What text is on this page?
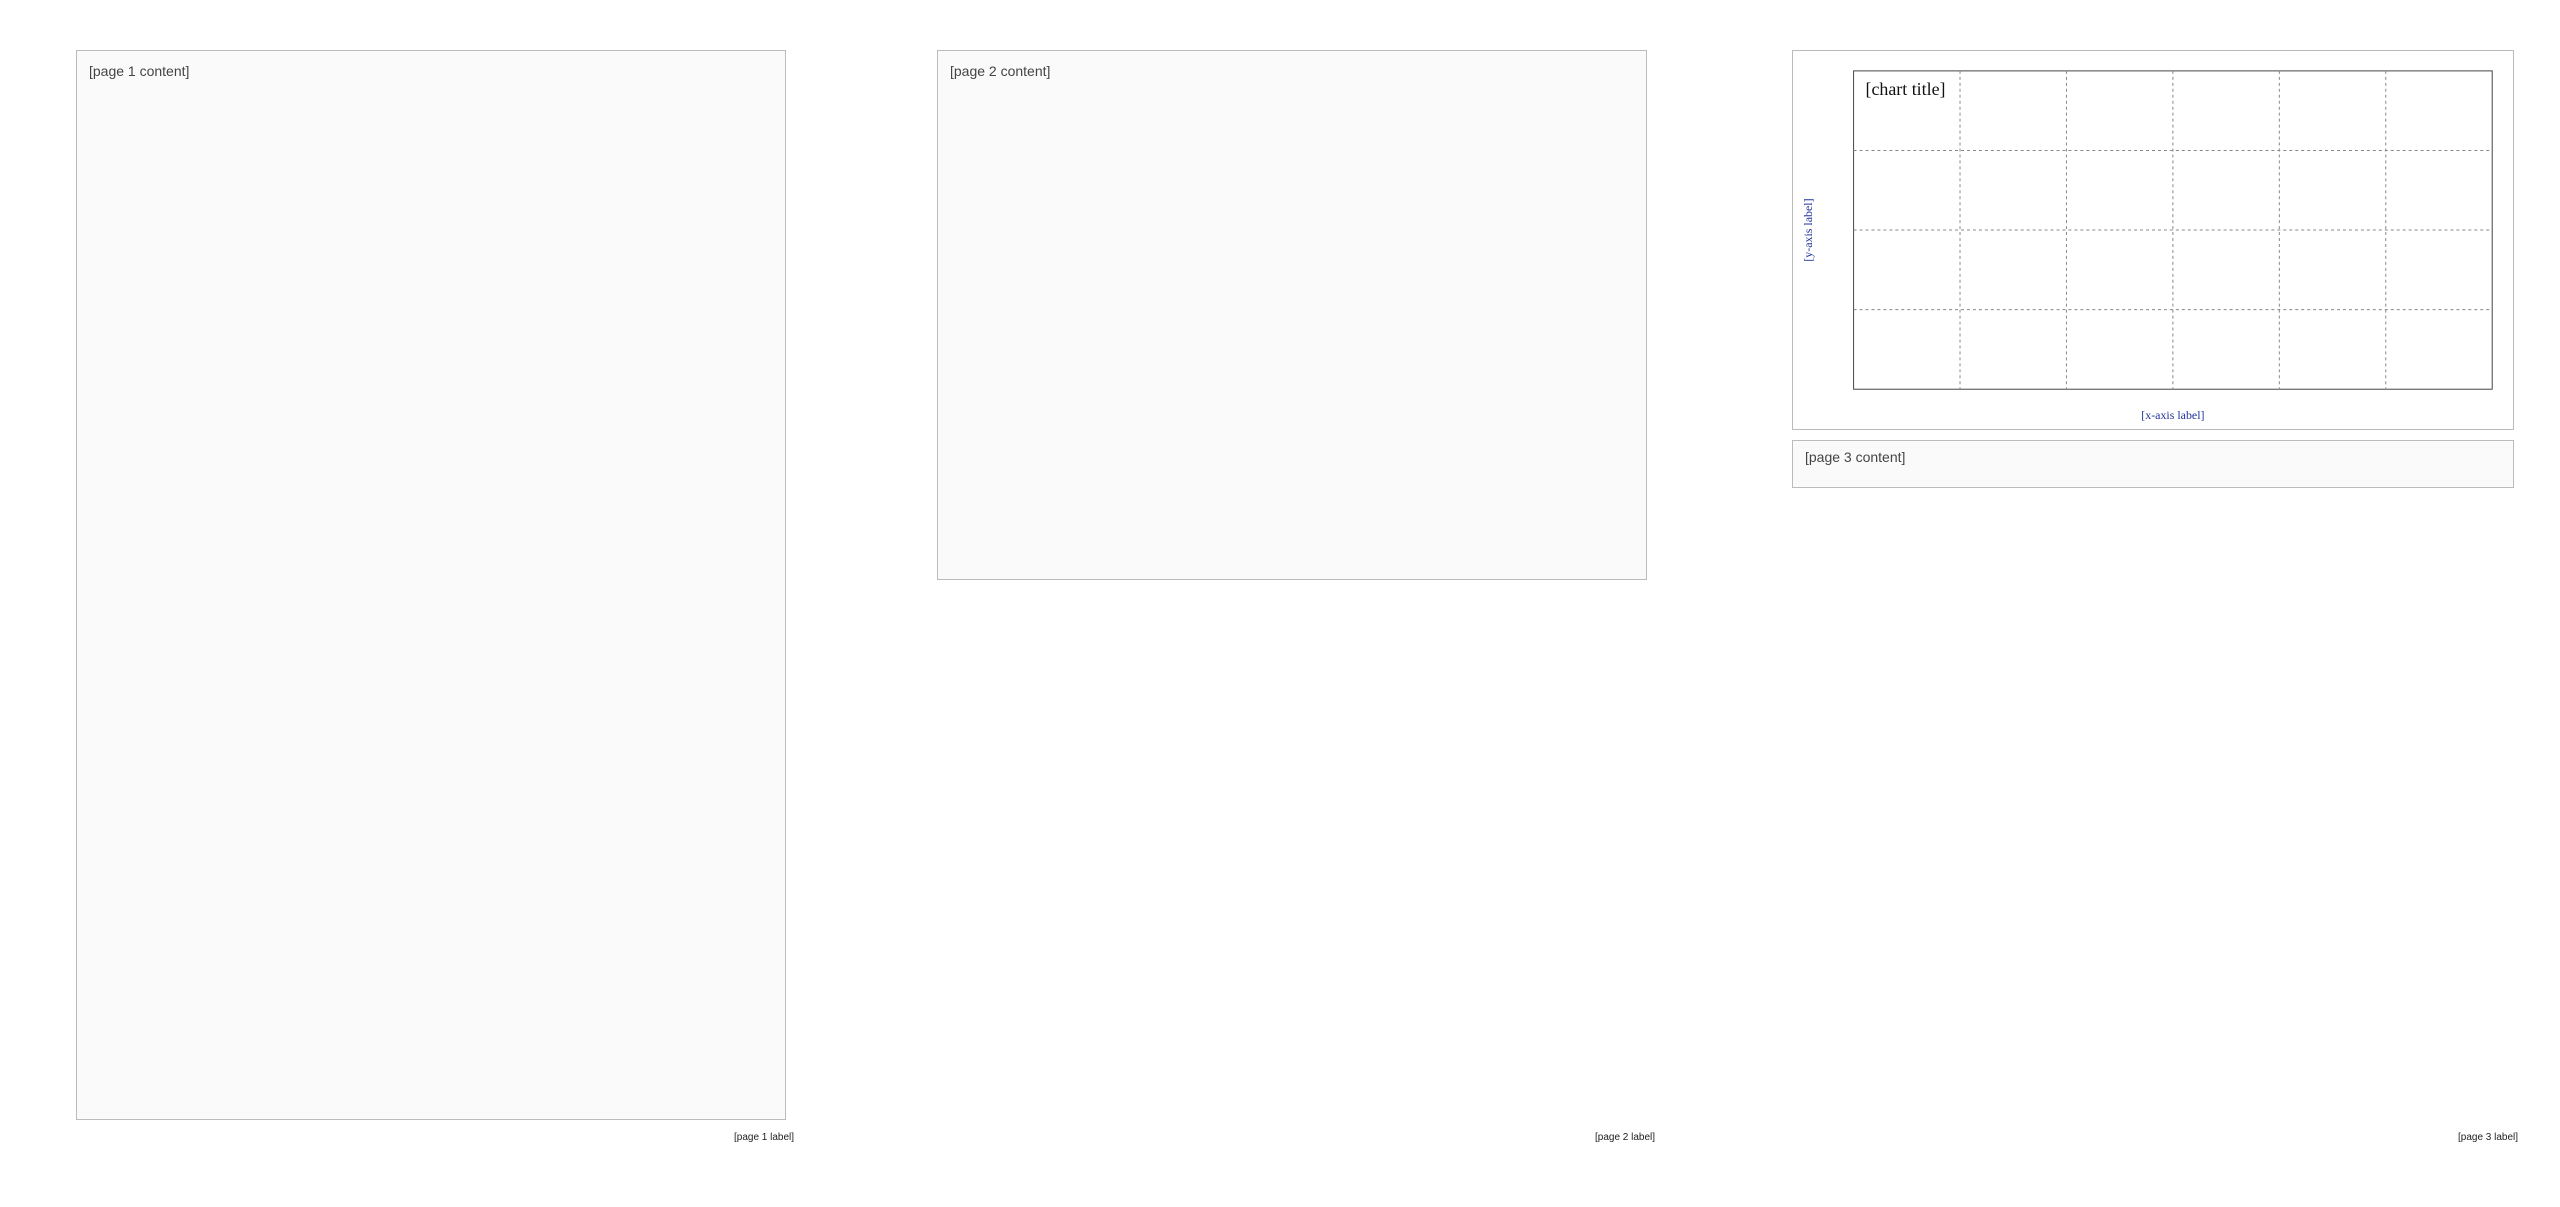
[page 1 content]
[page 1 label]
[page 2 content]
[page 2 label]
[chart title]
[x-axis label]
[y-axis label]
[page 3 content]
[page 3 label]
